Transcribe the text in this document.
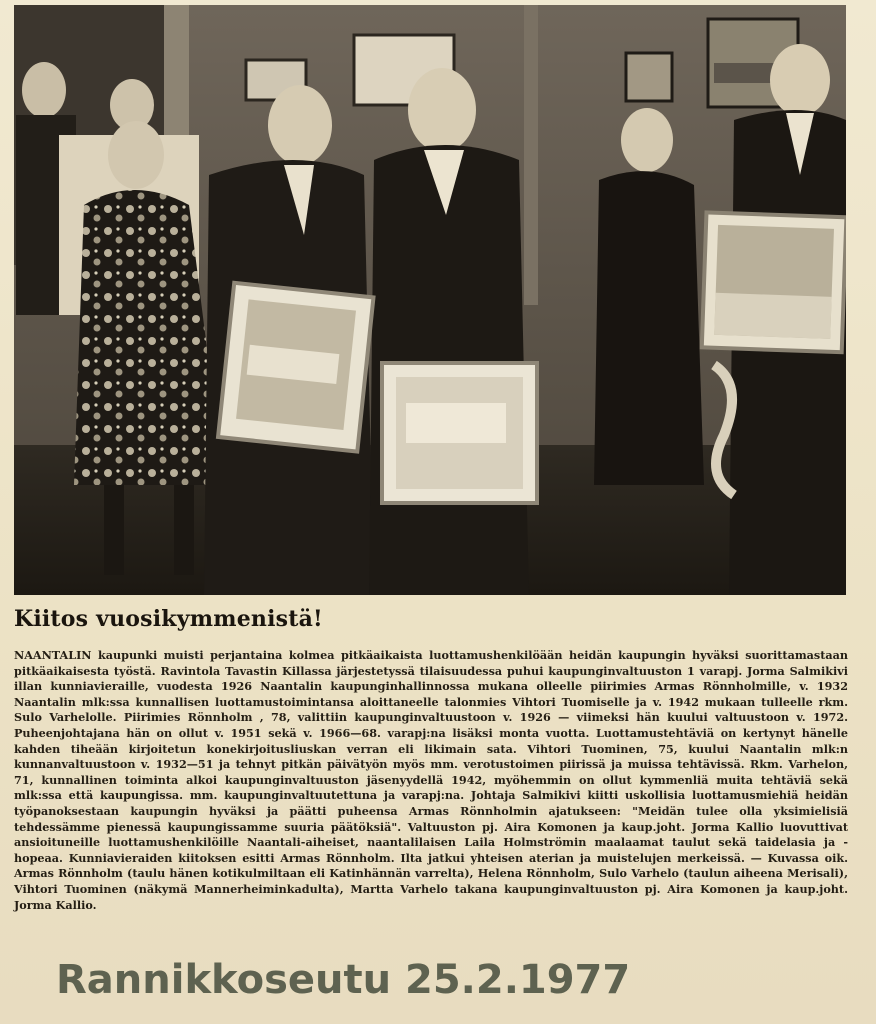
Kiitos vuosikymmenistä!

NAANTALIN kaupunki muisti perjantaina kolmea pitkäaikaista luottamushenkilöään heidän kaupungin hyväksi suorittamastaan pitkäaikaisesta työstä. Ravintola Tavastin Killassa järjestetyssä tilaisuudessa puhui kaupunginvaltuuston 1 varapj. Jorma Salmikivi illan kunniavieraille, vuodesta 1926 Naantalin kaupunginhallinnossa mukana olleelle piirimies Armas Rönnholmille, v. 1932 Naantalin mlk:ssa kunnallisen luottamustoimintansa aloittaneelle talonmies Vihtori Tuomiselle ja v. 1942 mukaan tulleelle rkm. Sulo Varhelolle. Piirimies Rönnholm , 78, valittiin kaupunginvaltuustoon v. 1926 — viimeksi hän kuului valtuustoon v. 1972. Puheenjohtajana hän on ollut v. 1951 sekä v. 1966—68. varapj:na lisäksi monta vuotta. Luottamustehtäviä on kertynyt hänelle kahden tiheään kirjoitetun konekirjoitusliuskan verran eli likimain sata. Vihtori Tuominen, 75, kuului Naantalin mlk:n kunnanvaltuustoon v. 1932—51 ja tehnyt pitkän päivätyön myös mm. verotustoimen piirissä ja muissa tehtävissä. Rkm. Varhelon, 71, kunnallinen toiminta alkoi kaupunginvaltuuston jäsenyydellä 1942, myöhemmin on ollut kymmenliä muita tehtäviä sekä mlk:ssa että kaupungissa. mm. kaupunginvaltuutettuna ja varapj:na. Johtaja Salmikivi kiitti uskollisia luottamusmiehiä heidän työpanoksestaan kaupungin hyväksi ja päätti puheensa Armas Rönnholmin ajatukseen: "Meidän tulee olla yksimielisiä tehdessämme pienessä kaupungissamme suuria päätöksiä". Valtuuston pj. Aira Komonen ja kaup.joht. Jorma Kallio luovuttivat ansioituneille luottamushenkilöille Naantali-aiheiset, naantalilaisen Laila Holmströmin maalaamat taulut sekä taidelasia ja -hopeaa. Kunniavieraiden kiitoksen esitti Armas Rönnholm. Ilta jatkui yhteisen aterian ja muistelujen merkeissä. — Kuvassa oik. Armas Rönnholm (taulu hänen kotikulmiltaan eli Katinhännän varrelta), Helena Rönnholm, Sulo Varhelo (taulun aiheena Merisali), Vihtori Tuominen (näkymä Mannerheiminkadulta), Martta Varhelo takana kaupunginvaltuuston pj. Aira Komonen ja kaup.joht. Jorma Kallio.

Rannikkoseutu 25.2.1977
